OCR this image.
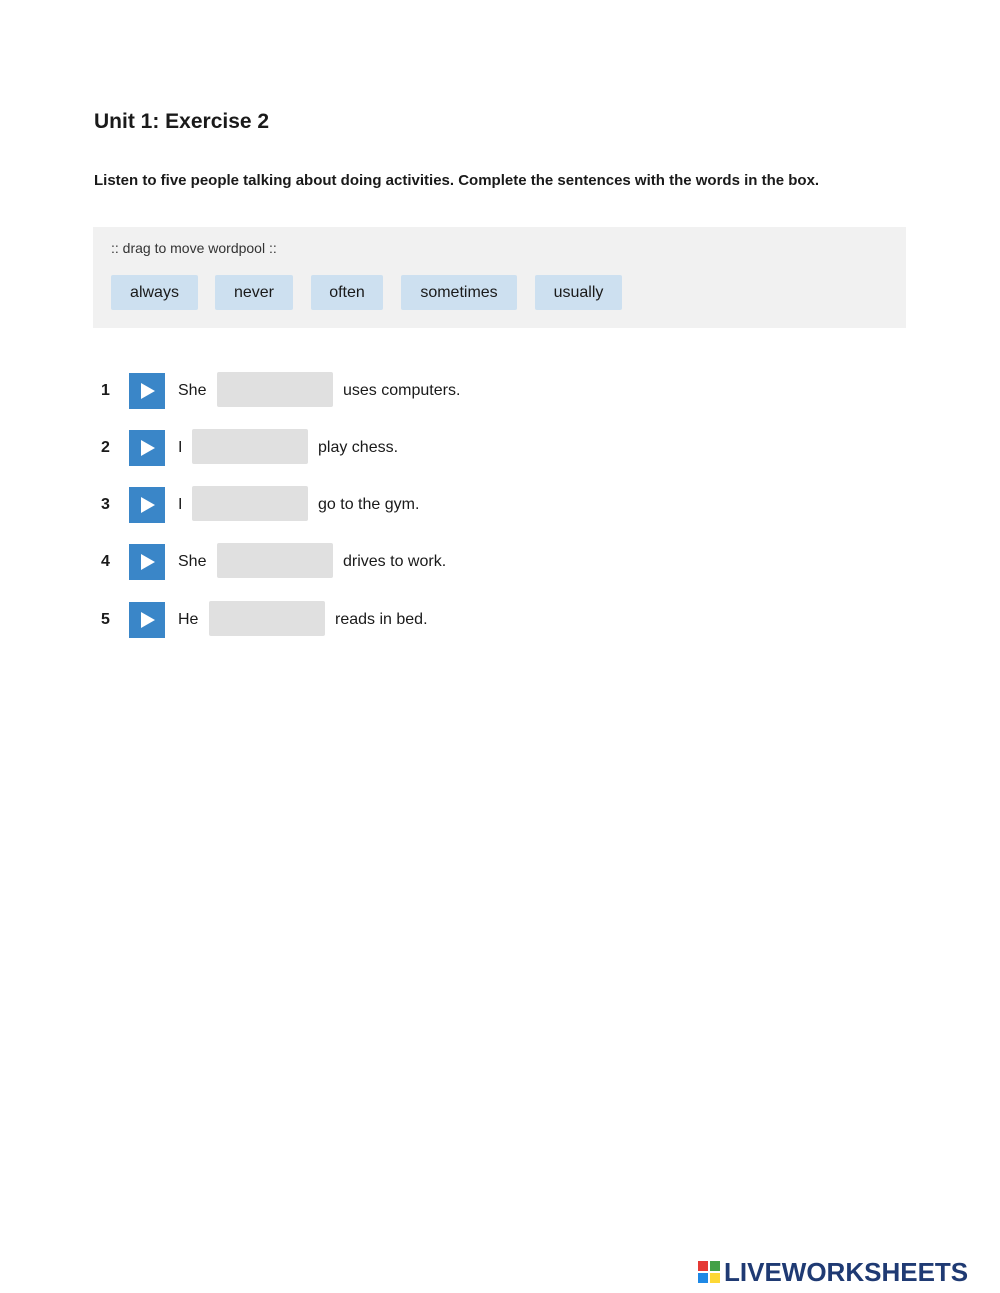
Unit 1: Exercise 2

Listen to five people talking about doing activities. Complete the sentences with the words in the box.

:: drag to move wordpool ::
always	never	often	sometimes	usually
1	She	uses computers.
2	I	play chess.
3	I	go to the gym.
4	She	drives to work.
5	He	reads in bed.
LIVEWORKSHEETS
